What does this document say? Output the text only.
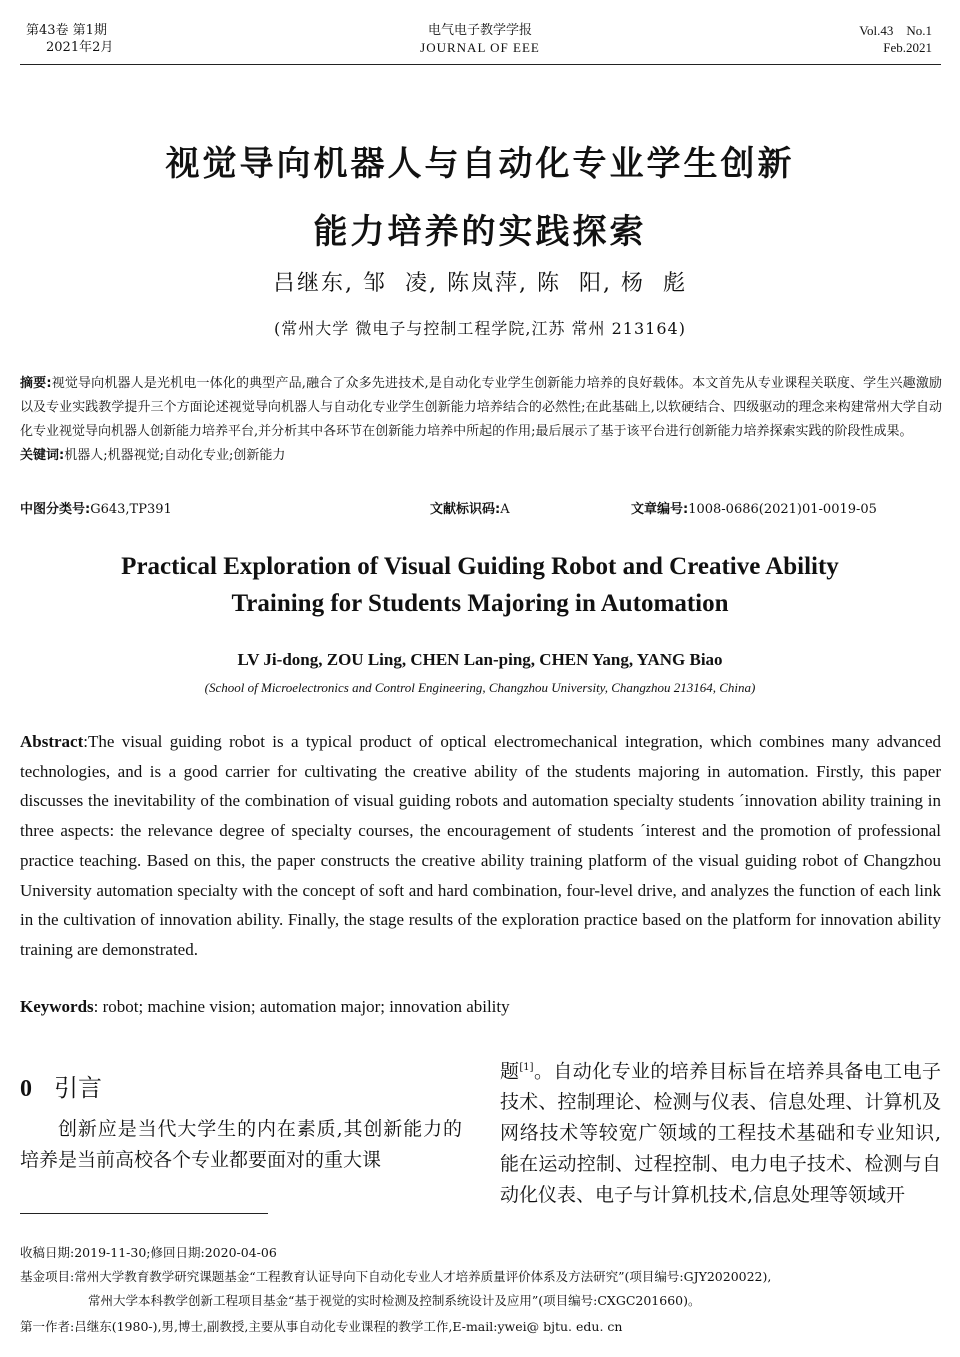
第43卷 第1期
2021年2月
电气电子教学学报
JOURNAL OF EEE
Vol.43    No.1
Feb.2021
视觉导向机器人与自动化专业学生创新
能力培养的实践探索
吕继东, 邹  凌, 陈岚萍, 陈  阳, 杨  彪
(常州大学 微电子与控制工程学院,江苏 常州 213164)
摘要:视觉导向机器人是光机电一体化的典型产品,融合了众多先进技术,是自动化专业学生创新能力培养的良好载体。本文首先从专业课程关联度、学生兴趣激励以及专业实践教学提升三个方面论述视觉导向机器人与自动化专业学生创新能力培养结合的必然性;在此基础上,以软硬结合、四级驱动的理念来构建常州大学自动化专业视觉导向机器人创新能力培养平台,并分析其中各环节在创新能力培养中所起的作用;最后展示了基于该平台进行创新能力培养探索实践的阶段性成果。
关键词:机器人;机器视觉;自动化专业;创新能力
中图分类号:G643,TP391	文献标识码:A	文章编号:1008-0686(2021)01-0019-05
Practical Exploration of Visual Guiding Robot and Creative Ability
Training for Students Majoring in Automation
LV Ji-dong, ZOU Ling, CHEN Lan-ping, CHEN Yang, YANG Biao
(School of Microelectronics and Control Engineering, Changzhou University, Changzhou 213164, China)
Abstract:The visual guiding robot is a typical product of optical electromechanical integration, which combines many advanced technologies, and is a good carrier for cultivating the creative ability of the students majoring in automation. Firstly, this paper discusses the inevitability of the combination of visual guiding robots and automation specialty students ´innovation ability training in three aspects: the relevance degree of specialty courses, the encouragement of students ´interest and the promotion of professional practice teaching. Based on this, the paper constructs the creative ability training platform of the visual guiding robot of Changzhou University automation specialty with the concept of soft and hard combination, four-level drive, and analyzes the function of each link in the cultivation of innovation ability. Finally, the stage results of the exploration practice based on the platform for innovation ability training are demonstrated.
Keywords: robot; machine vision; automation major; innovation ability
0 引言
创新应是当代大学生的内在素质,其创新能力的培养是当前高校各个专业都要面对的重大课
题[1]。自动化专业的培养目标旨在培养具备电工电子技术、控制理论、检测与仪表、信息处理、计算机及网络技术等较宽广领域的工程技术基础和专业知识,能在运动控制、过程控制、电力电子技术、检测与自动化仪表、电子与计算机技术,信息处理等领域开
收稿日期:2019-11-30;修回日期:2020-04-06
基金项目:常州大学教育教学研究课题基金“工程教育认证导向下自动化专业人才培养质量评价体系及方法研究”(项目编号:GJY2020022),
常州大学本科教学创新工程项目基金“基于视觉的实时检测及控制系统设计及应用”(项目编号:CXGC201660)。
第一作者:吕继东(1980-),男,博士,副教授,主要从事自动化专业课程的教学工作,E-mail:ywei@ bjtu. edu. cn
